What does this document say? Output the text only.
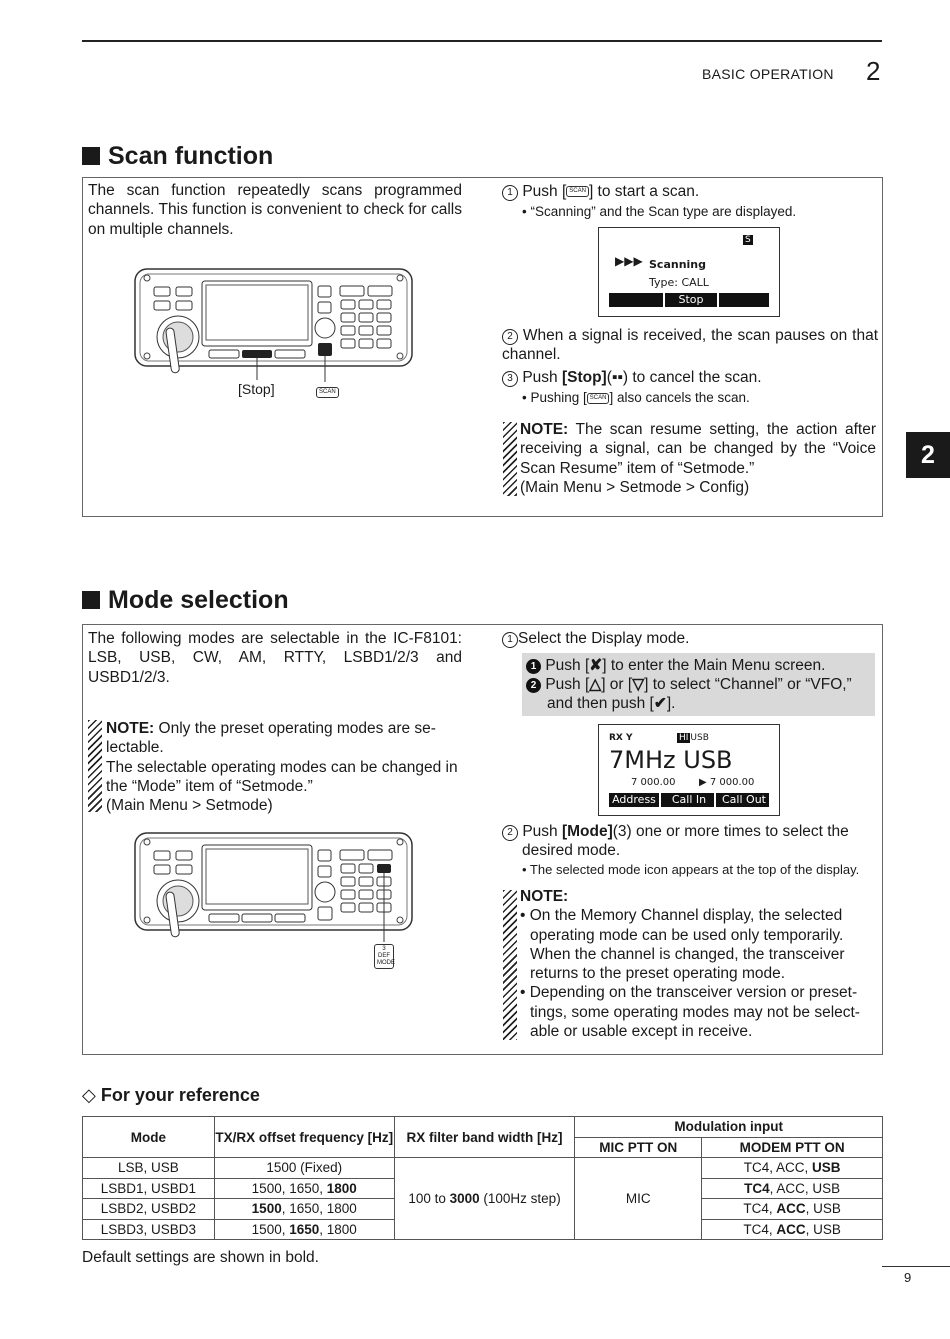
BASIC OPERATION 2
2
Scan function
The scan function repeatedly scans programmed channels. This function is convenient to check for calls on multiple channels.
[Stop]	SCAN
1 Push [ SCAN ] to start a scan.
• “Scanning” and the Scan type are displayed.
S
▶▶▶ Scanning
Type: CALL
Stop
2 When a signal is received, the scan pauses on that channel.
3 Push [Stop](▪▪) to cancel the scan.
• Pushing [ SCAN ] also cancels the scan.
NOTE: The scan resume setting, the action after receiving a signal, can be changed by the “Voice Scan Resume” item of “Setmode.”
(Main Menu > Setmode > Config)
Mode selection
The following modes are selectable in the IC-F8101: LSB, USB, CW, AM, RTTY, LSBD1/2/3 and USBD1/2/3.
NOTE: Only the preset operating modes are se-
lectable.
The selectable operating modes can be changed in
the “Mode” item of “Setmode.”
(Main Menu > Setmode)
3 DEF MODE
1 Select the Display mode.
1 Push [✘] to enter the Main Menu screen.
2 Push [△] or [▽] to select “Channel” or “VFO,”
and then push [✔].
RX Y	HI USB
7MHz USB
7 000.00 ▶ 7 000.00
Address	Call In	Call Out
2 Push [Mode](3) one or more times to select the
desired mode.
• The selected mode icon appears at the top of the display.
NOTE:
• On the Memory Channel display, the selected
operating mode can be used only temporarily.
When the channel is changed, the transceiver
returns to the preset operating mode.
• Depending on the transceiver version or preset-
tings, some operating modes may not be select-
able or usable except in receive.
◇ For your reference
Mode	TX/RX offset frequency [Hz]	RX filter band width [Hz]	Modulation input	
			MIC PTT ON	MODEM PTT ON
LSB, USB	1500 (Fixed)	100 to 3000 (100Hz step)	MIC	TC4, ACC, USB
LSBD1, USBD1	1500, 1650, 1800			TC4, ACC, USB
LSBD2, USBD2	1500, 1650, 1800			TC4, ACC, USB
LSBD3, USBD3	1500, 1650, 1800			TC4, ACC, USB
Default settings are shown in bold.
9
